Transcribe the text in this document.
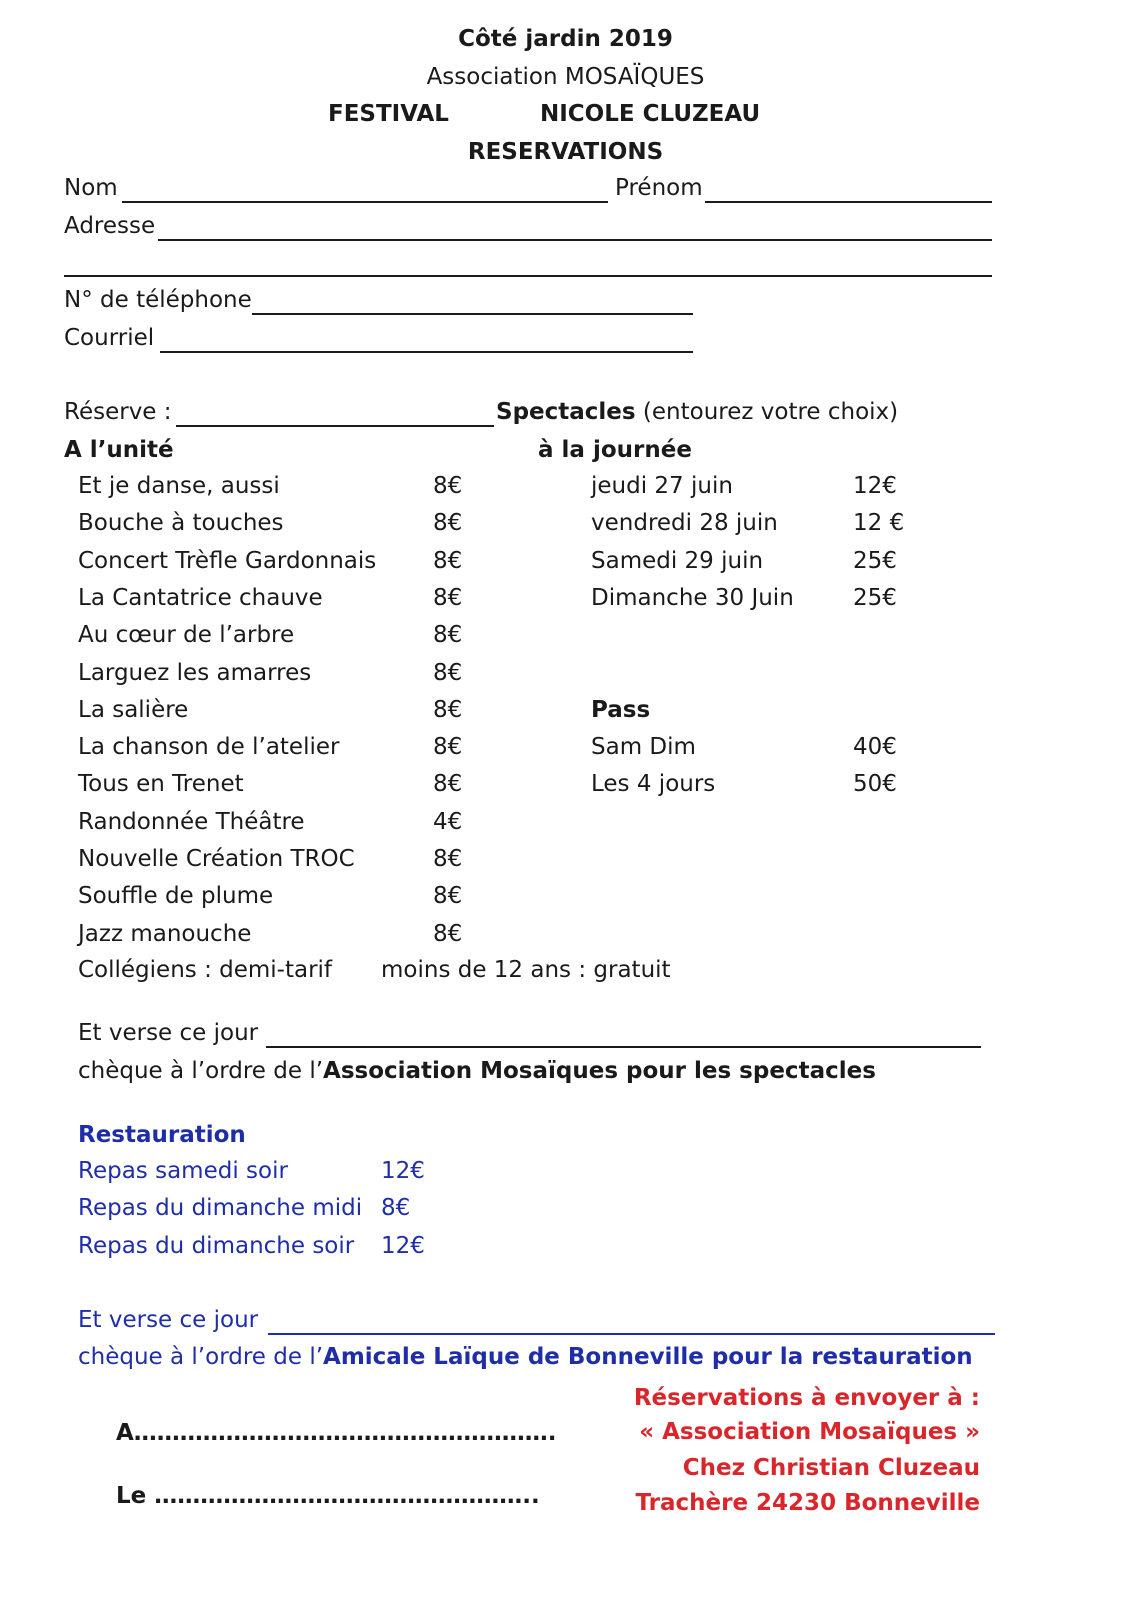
Côté jardin 2019
Association MOSAÏQUES
FESTIVAL	NICOLE CLUZEAU
RESERVATIONS
Nom	Prénom
Adresse
N° de téléphone
Courriel
Réserve :	Spectacles (entourez votre choix)
A l’unité	à la journée
Et je danse, aussi	8€
Bouche à touches	8€
Concert Trèfle Gardonnais 8€
La Cantatrice chauve	8€
Au cœur de l’arbre	8€
Larguez les amarres	8€
La salière	8€
La chanson de l’atelier	8€
Tous en Trenet	8€
Randonnée Théâtre	4€
Nouvelle Création TROC	8€
Souffle de plume	8€
Jazz manouche	8€
jeudi 27 juin	12€
vendredi 28 juin	12 €
Samedi 29 juin	25€
Dimanche 30 Juin	25€
Pass
Sam Dim	40€
Les 4 jours	50€
Collégiens : demi-tarif moins de 12 ans : gratuit
Et verse ce jour
chèque à l’ordre de l’Association Mosaïques pour les spectacles
Restauration
Repas samedi soir	12€
Repas du dimanche midi 8€
Repas du dimanche soir 12€
Et verse ce jour
chèque à l’ordre de l’Amicale Laïque de Bonneville pour la restauration
A……………………………………………….
Le …………………………………………..
Réservations à envoyer à :
« Association Mosaïques »
Chez Christian Cluzeau
Trachère 24230 Bonneville
